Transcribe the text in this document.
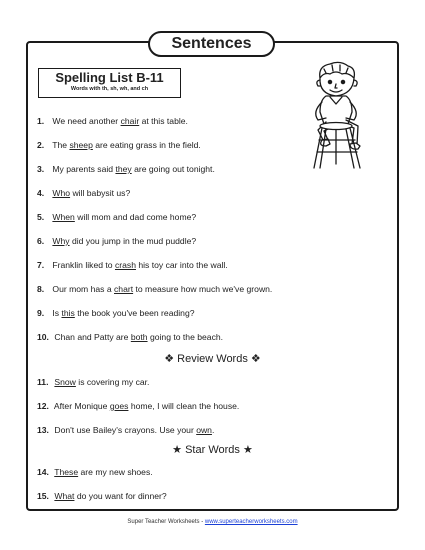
Sentences
Spelling List B-11
Words with th, sh, wh, and ch
1. We need another chair at this table.
2. The sheep are eating grass in the field.
3. My parents said they are going out tonight.
4. Who will babysit us?
5. When will mom and dad come home?
6. Why did you jump in the mud puddle?
7. Franklin liked to crash his toy car into the wall.
8. Our mom has a chart to measure how much we've grown.
9. Is this the book you've been reading?
10. Chan and Patty are both going to the beach.
❖ Review Words ❖
11. Snow is covering my car.
12. After Monique goes home, I will clean the house.
13. Don't use Bailey's crayons. Use your own.
★ Star Words ★
14. These are my new shoes.
15. What do you want for dinner?
Super Teacher Worksheets - www.superteacherworksheets.com
